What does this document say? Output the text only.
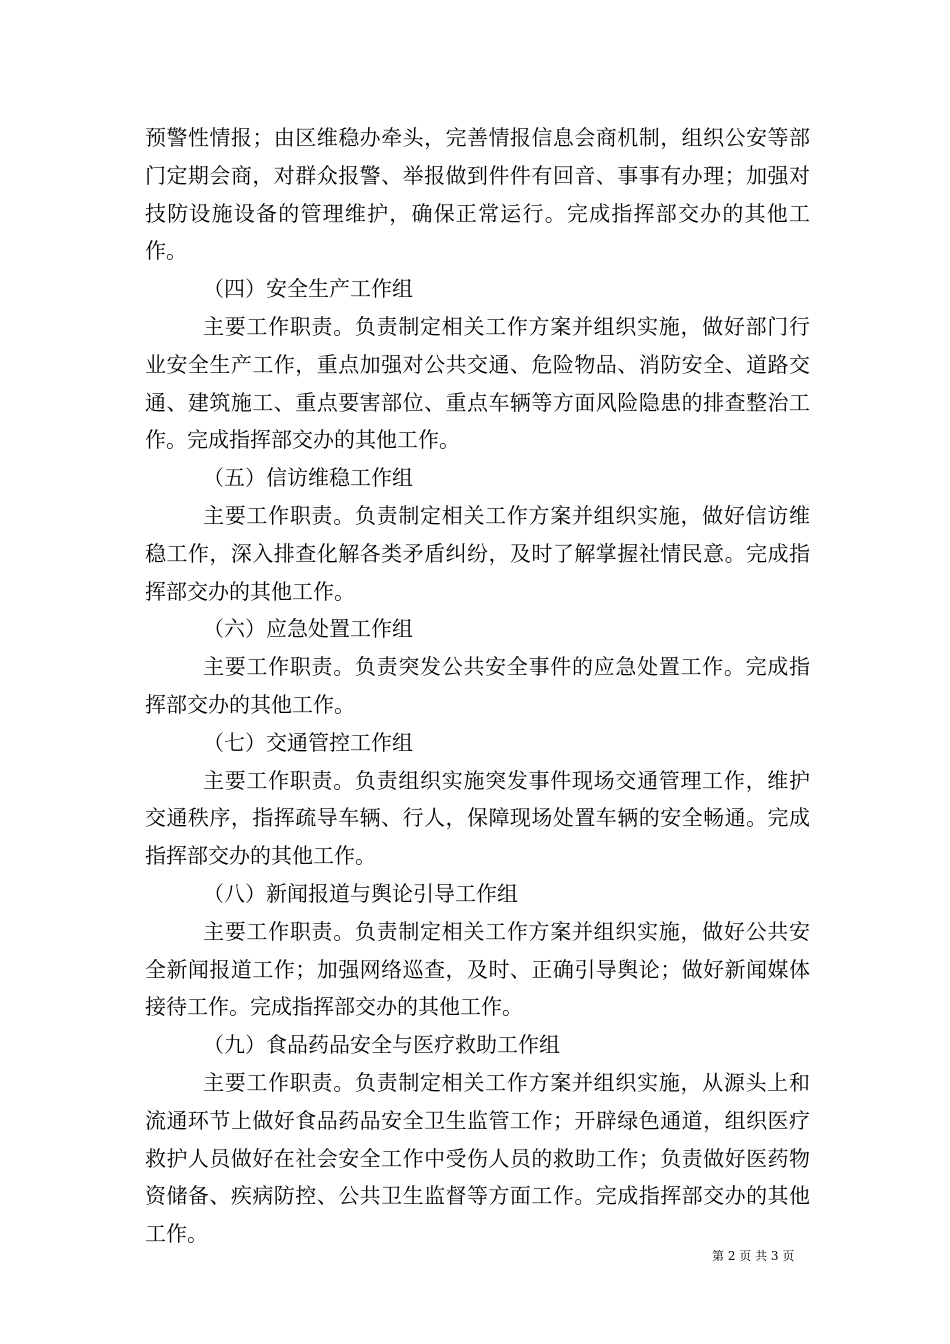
预警性情报；由区维稳办牵头，完善情报信息会商机制，组织公安等部门定期会商，对群众报警、举报做到件件有回音、事事有办理；加强对技防设施设备的管理维护，确保正常运行。完成指挥部交办的其他工作。

（四）安全生产工作组

主要工作职责。负责制定相关工作方案并组织实施，做好部门行业安全生产工作，重点加强对公共交通、危险物品、消防安全、道路交通、建筑施工、重点要害部位、重点车辆等方面风险隐患的排查整治工作。完成指挥部交办的其他工作。

（五）信访维稳工作组

主要工作职责。负责制定相关工作方案并组织实施，做好信访维稳工作，深入排查化解各类矛盾纠纷，及时了解掌握社情民意。完成指挥部交办的其他工作。

（六）应急处置工作组

主要工作职责。负责突发公共安全事件的应急处置工作。完成指挥部交办的其他工作。

（七）交通管控工作组

主要工作职责。负责组织实施突发事件现场交通管理工作，维护交通秩序，指挥疏导车辆、行人，保障现场处置车辆的安全畅通。完成指挥部交办的其他工作。

（八）新闻报道与舆论引导工作组

主要工作职责。负责制定相关工作方案并组织实施，做好公共安全新闻报道工作；加强网络巡查，及时、正确引导舆论；做好新闻媒体接待工作。完成指挥部交办的其他工作。

（九）食品药品安全与医疗救助工作组

主要工作职责。负责制定相关工作方案并组织实施，从源头上和流通环节上做好食品药品安全卫生监管工作；开辟绿色通道，组织医疗救护人员做好在社会安全工作中受伤人员的救助工作；负责做好医药物资储备、疾病防控、公共卫生监督等方面工作。完成指挥部交办的其他工作。

第 2 页 共 3 页
